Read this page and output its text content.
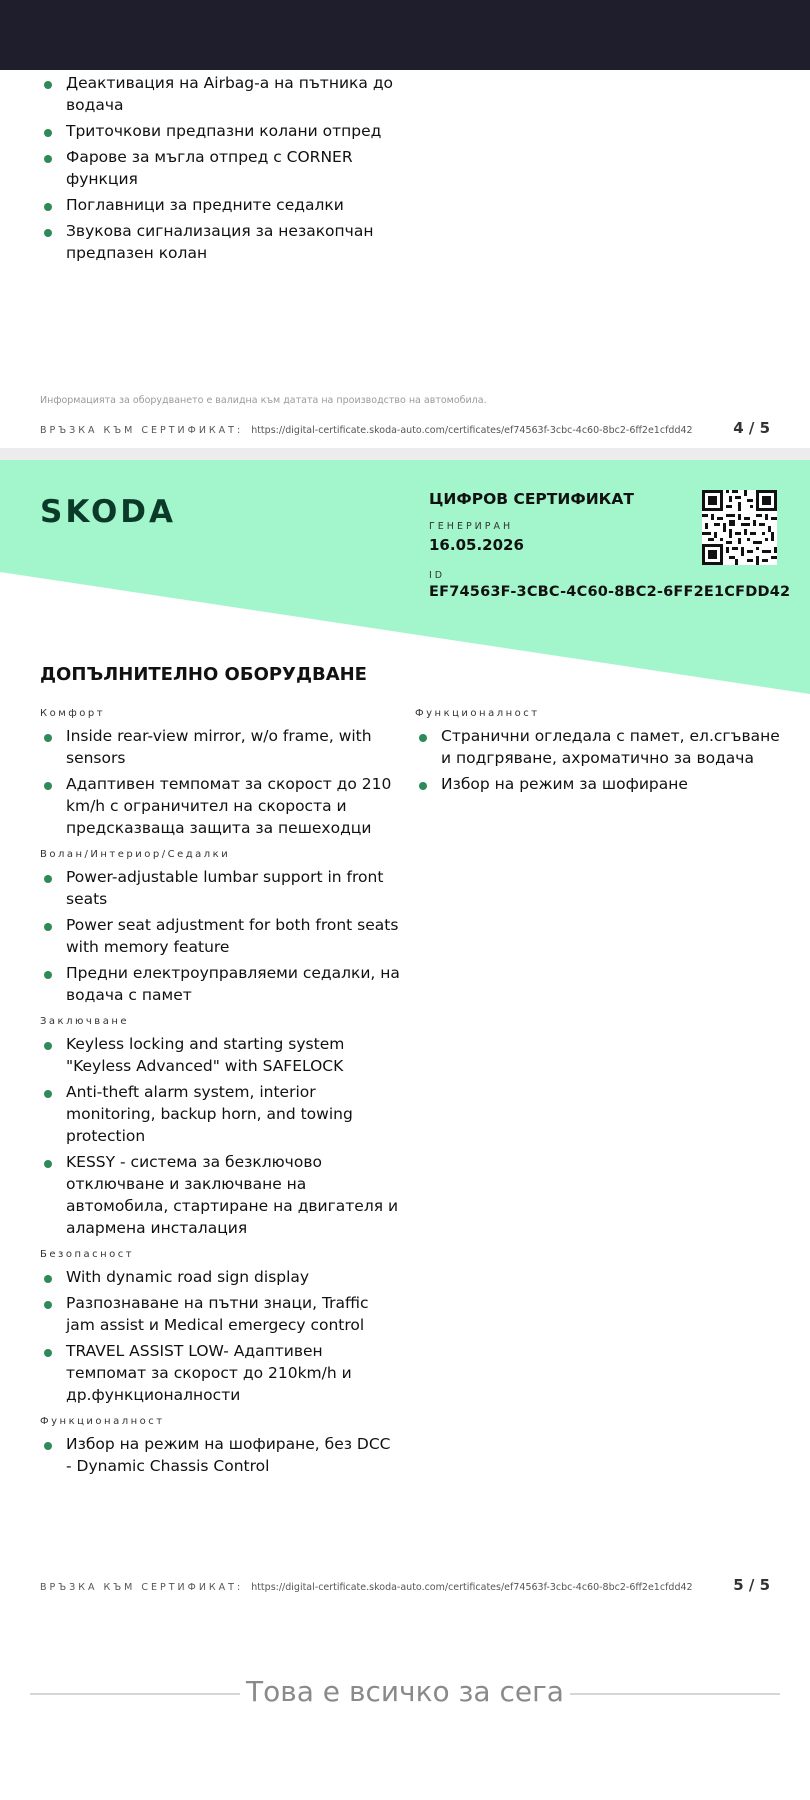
Деактивация на Airbag-а на пътника до водача
Триточкови предпазни колани отпред
Фарове за мъгла отпред с CORNER функция
Поглавници за предните седалки
Звукова сигнализация за незакопчан предпазен колан
Информацията за оборудването е валидна към датата на производство на автомобила.
ВРЪЗКА КЪМ СЕРТИФИКАТ: https://digital-certificate.skoda-auto.com/certificates/ef74563f-3cbc-4c60-8bc2-6ff2e1cfdd42	4 / 5
SKODA	ЦИФРОВ СЕРТИФИКАТ
ГЕНЕРИРАН
16.05.2026
ID
EF74563F-3CBC-4C60-8BC2-6FF2E1CFDD42
ДОПЪЛНИТЕЛНО ОБОРУДВАНЕ
Комфорт
Inside rear-view mirror, w/o frame, with sensors
Адаптивен темпомат за скорост до 210 km/h с ограничител на скороста и предсказваща защита за пешеходци
Волан/Интериор/Седалки
Power-adjustable lumbar support in front seats
Power seat adjustment for both front seats with memory feature
Предни електроуправляеми седалки, на водача с памет
Заключване
Keyless locking and starting system "Keyless Advanced" with SAFELOCK
Anti-theft alarm system, interior monitoring, backup horn, and towing protection
KESSY - система за безключово отключване и заключване на автомобила, стартиране на двигателя и алармена инсталация
Безопасност
With dynamic road sign display
Разпознаване на пътни знаци, Traffic jam assist и Medical emergecy control
TRAVEL ASSIST LOW- Адаптивен темпомат за скорост до 210km/h и др.функционалности
Функционалност
Избор на режим на шофиране, без DCC - Dynamic Chassis Control
Функционалност
Странични огледала с памет, ел.сгъване и подгряване, ахроматично за водача
Избор на режим за шофиране
ВРЪЗКА КЪМ СЕРТИФИКАТ: https://digital-certificate.skoda-auto.com/certificates/ef74563f-3cbc-4c60-8bc2-6ff2e1cfdd42	5 / 5
Това е всичко за сега
